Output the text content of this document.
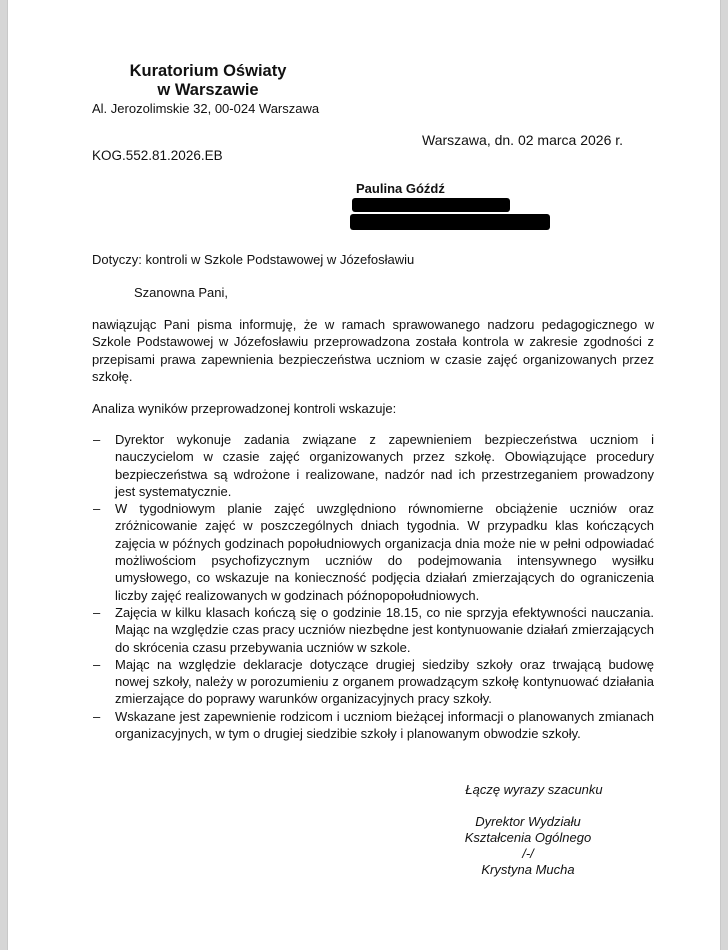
Kuratorium Oświaty
w Warszawie
Al. Jerozolimskie 32, 00-024 Warszawa
Warszawa, dn. 02 marca 2026 r.
KOG.552.81.2026.EB
Paulina Góźdź
Dotyczy: kontroli w Szkole Podstawowej w Józefosławiu
Szanowna Pani,
nawiązując Pani pisma informuję, że w ramach sprawowanego nadzoru pedagogicznego w Szkole Podstawowej w Józefosławiu przeprowadzona została kontrola w zakresie zgodności z przepisami prawa zapewnienia bezpieczeństwa uczniom w czasie zajęć organizowanych przez szkołę.
Analiza wyników przeprowadzonej kontroli wskazuje:
– Dyrektor wykonuje zadania związane z zapewnieniem bezpieczeństwa uczniom i nauczycielom w czasie zajęć organizowanych przez szkołę. Obowiązujące procedury bezpieczeństwa są wdrożone i realizowane, nadzór nad ich przestrzeganiem prowadzony jest systematycznie.
– W tygodniowym planie zajęć uwzględniono równomierne obciążenie uczniów oraz zróżnicowanie zajęć w poszczególnych dniach tygodnia. W przypadku klas kończących zajęcia w późnych godzinach popołudniowych organizacja dnia może nie w pełni odpowiadać możliwościom psychofizycznym uczniów do podejmowania intensywnego wysiłku umysłowego, co wskazuje na konieczność podjęcia działań zmierzających do ograniczenia liczby zajęć realizowanych w godzinach późnopopołudniowych.
– Zajęcia w kilku klasach kończą się o godzinie 18.15, co nie sprzyja efektywności nauczania. Mając na względzie czas pracy uczniów niezbędne jest kontynuowanie działań zmierzających do skrócenia czasu przebywania uczniów w szkole.
– Mając na względzie deklaracje dotyczące drugiej siedziby szkoły oraz trwającą budowę nowej szkoły, należy w porozumieniu z organem prowadzącym szkołę kontynuować działania zmierzające do poprawy warunków organizacyjnych pracy szkoły.
– Wskazane jest zapewnienie rodzicom i uczniom bieżącej informacji o planowanych zmianach organizacyjnych, w tym o drugiej siedzibie szkoły i planowanym obwodzie szkoły.
Łączę wyrazy szacunku
Dyrektor Wydziału
Kształcenia Ogólnego
/-/
Krystyna Mucha
